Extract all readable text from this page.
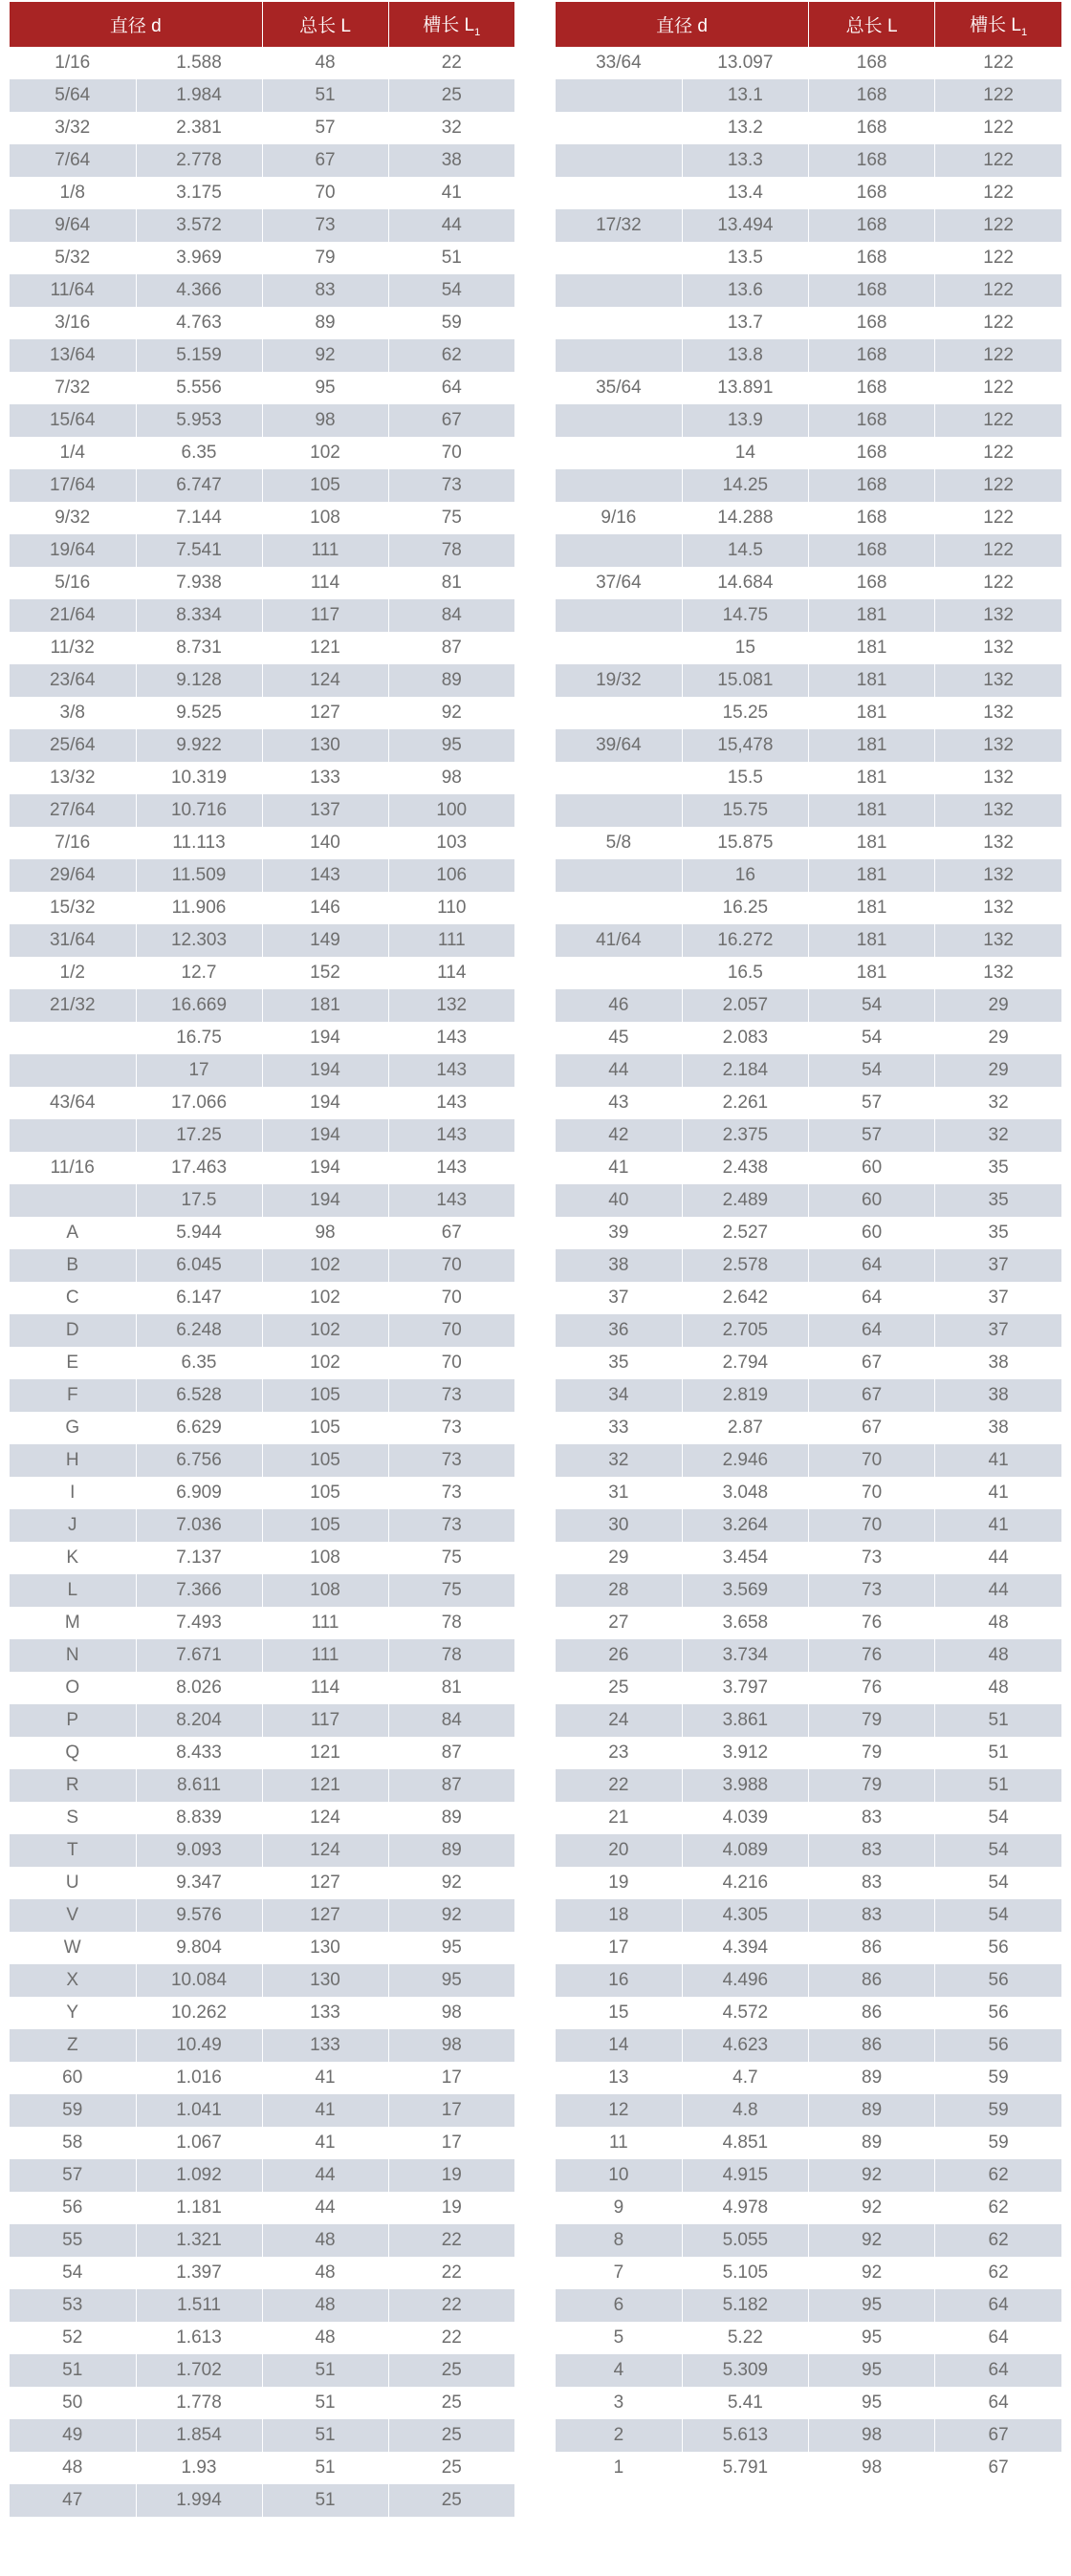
直径 d		总长 L	槽长 $L_1$
1/16	1.588	48	22
5/64	1.984	51	25
3/32	2.381	57	32
7/64	2.778	67	38
1/8	3.175	70	41
9/64	3.572	73	44
5/32	3.969	79	51
11/64	4.366	83	54
3/16	4.763	89	59
13/64	5.159	92	62
7/32	5.556	95	64
15/64	5.953	98	67
1/4	6.35	102	70
17/64	6.747	105	73
9/32	7.144	108	75
19/64	7.541	111	78
5/16	7.938	114	81
21/64	8.334	117	84
11/32	8.731	121	87
23/64	9.128	124	89
3/8	9.525	127	92
25/64	9.922	130	95
13/32	10.319	133	98
27/64	10.716	137	100
7/16	11.113	140	103
29/64	11.509	143	106
15/32	11.906	146	110
31/64	12.303	149	111
1/2	12.7	152	114
21/32	16.669	181	132
	16.75	194	143
	17	194	143
43/64	17.066	194	143
	17.25	194	143
11/16	17.463	194	143
	17.5	194	143
A	5.944	98	67
B	6.045	102	70
C	6.147	102	70
D	6.248	102	70
E	6.35	102	70
F	6.528	105	73
G	6.629	105	73
H	6.756	105	73
I	6.909	105	73
J	7.036	105	73
K	7.137	108	75
L	7.366	108	75
M	7.493	111	78
N	7.671	111	78
O	8.026	114	81
P	8.204	117	84
Q	8.433	121	87
R	8.611	121	87
S	8.839	124	89
T	9.093	124	89
U	9.347	127	92
V	9.576	127	92
W	9.804	130	95
X	10.084	130	95
Y	10.262	133	98
Z	10.49	133	98
60	1.016	41	17
59	1.041	41	17
58	1.067	41	17
57	1.092	44	19
56	1.181	44	19
55	1.321	48	22
54	1.397	48	22
53	1.511	48	22
52	1.613	48	22
51	1.702	51	25
50	1.778	51	25
49	1.854	51	25
48	1.93	51	25
47	1.994	51	25
直径 d		总长 L	槽长 $L_1$
33/64	13.097	168	122
	13.1	168	122
	13.2	168	122
	13.3	168	122
	13.4	168	122
17/32	13.494	168	122
	13.5	168	122
	13.6	168	122
	13.7	168	122
	13.8	168	122
35/64	13.891	168	122
	13.9	168	122
	14	168	122
	14.25	168	122
9/16	14.288	168	122
	14.5	168	122
37/64	14.684	168	122
	14.75	181	132
	15	181	132
19/32	15.081	181	132
	15.25	181	132
39/64	15,478	181	132
	15.5	181	132
	15.75	181	132
5/8	15.875	181	132
	16	181	132
	16.25	181	132
41/64	16.272	181	132
	16.5	181	132
46	2.057	54	29
45	2.083	54	29
44	2.184	54	29
43	2.261	57	32
42	2.375	57	32
41	2.438	60	35
40	2.489	60	35
39	2.527	60	35
38	2.578	64	37
37	2.642	64	37
36	2.705	64	37
35	2.794	67	38
34	2.819	67	38
33	2.87	67	38
32	2.946	70	41
31	3.048	70	41
30	3.264	70	41
29	3.454	73	44
28	3.569	73	44
27	3.658	76	48
26	3.734	76	48
25	3.797	76	48
24	3.861	79	51
23	3.912	79	51
22	3.988	79	51
21	4.039	83	54
20	4.089	83	54
19	4.216	83	54
18	4.305	83	54
17	4.394	86	56
16	4.496	86	56
15	4.572	86	56
14	4.623	86	56
13	4.7	89	59
12	4.8	89	59
11	4.851	89	59
10	4.915	92	62
9	4.978	92	62
8	5.055	92	62
7	5.105	92	62
6	5.182	95	64
5	5.22	95	64
4	5.309	95	64
3	5.41	95	64
2	5.613	98	67
1	5.791	98	67
